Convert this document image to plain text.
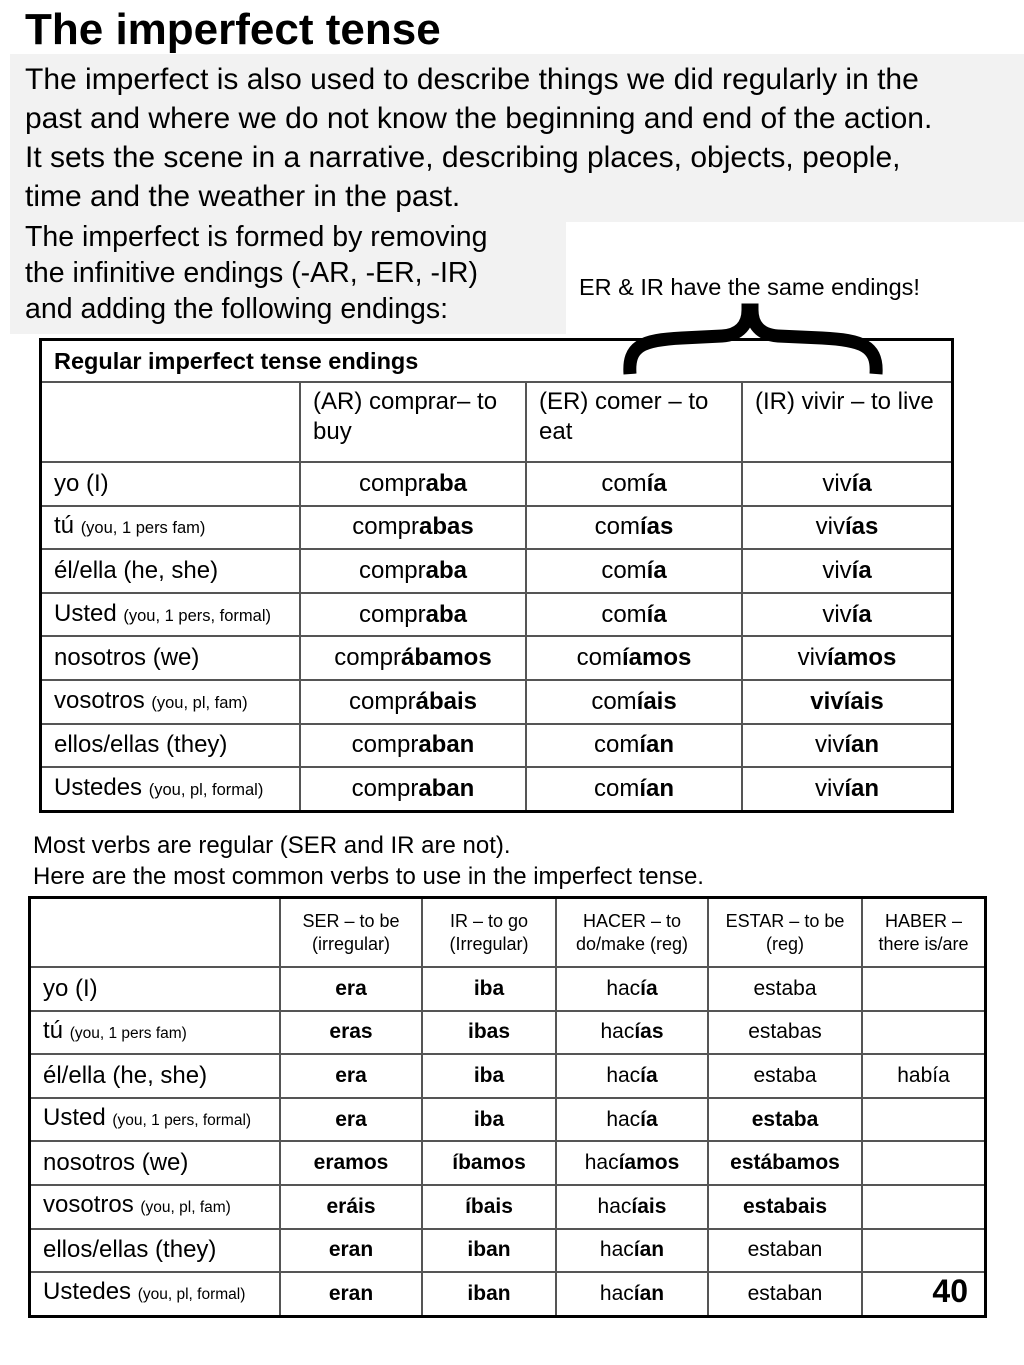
The imperfect tense
The imperfect is also used to describe things we did regularly in the
past and where we do not know the beginning and end of the action.
It sets the scene in a narrative, describing places, objects, people,
time and the weather in the past.
The imperfect is formed by removing
the infinitive endings (-AR, -ER, -IR)
and adding the following endings:
ER & IR have the same endings!
Regular imperfect tense endings			
	(AR) comprar– to buy	(ER) comer – to eat	(IR) vivir – to live
yo (I)	compraba	comía	vivía
tú (you, 1 pers fam)	comprabas	comías	vivías
él/ella (he, she)	compraba	comía	vivía
Usted (you, 1 pers, formal)	compraba	comía	vivía
nosotros (we)	comprábamos	comíamos	vivíamos
vosotros (you, pl, fam)	comprábais	comíais	vivíais
ellos/ellas (they)	compraban	comían	vivían
Ustedes (you, pl, formal)	compraban	comían	vivían
Most verbs are regular (SER and IR are not).
Here are the most common verbs to use in the imperfect tense.
	SER – to be (irregular)	IR – to go (Irregular)	HACER – to do/make (reg)	ESTAR – to be (reg)	HABER – there is/are
yo (I)	era	iba	hacía	estaba	
tú (you, 1 pers fam)	eras	ibas	hacías	estabas	
él/ella (he, she)	era	iba	hacía	estaba	había
Usted (you, 1 pers, formal)	era	iba	hacía	estaba	
nosotros (we)	eramos	íbamos	hacíamos	estábamos	
vosotros (you, pl, fam)	eráis	íbais	hacíais	estabais	
ellos/ellas (they)	eran	iban	hacían	estaban	
Ustedes (you, pl, formal)	eran	iban	hacían	estaban	40
